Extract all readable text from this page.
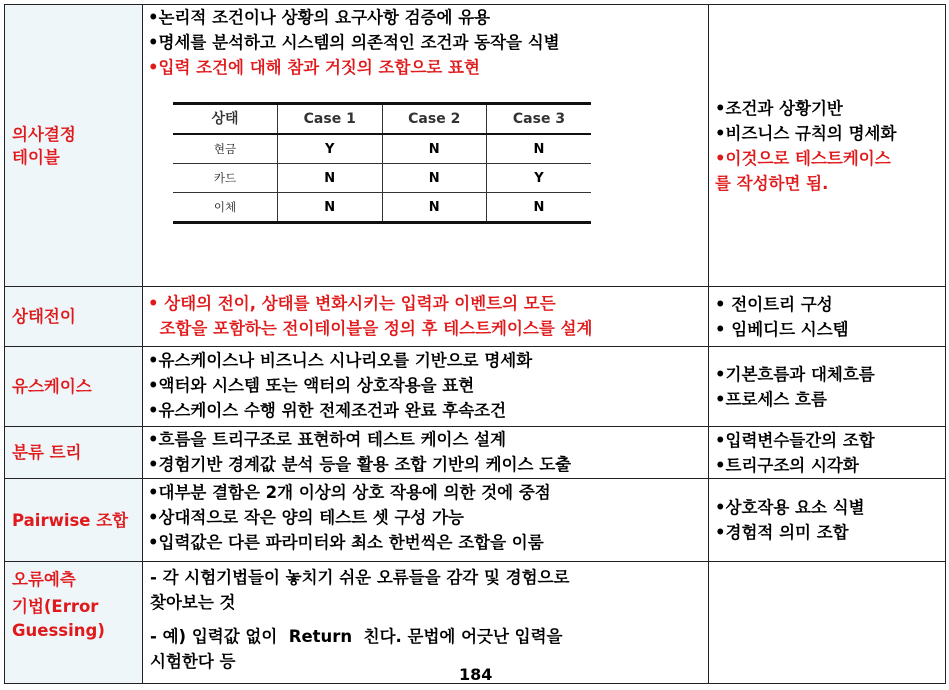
의사결정
테이블

•논리적 조건이나 상황의 요구사항 검증에 유용
•명세를 분석하고 시스템의 의존적인 조건과 동작을 식별
•입력 조건에 대해 참과 거짓의 조합으로 표현
상태	Case 1	Case 2	Case 3
현금	Y	N	N
카드	N	N	Y
이체	N	N	N

•조건과 상황기반
•비즈니스 규칙의 명세화
•이것으로 테스트케이스
를 작성하면 됨.

상태전이

• 상태의 전이, 상태를 변화시키는 입력과 이벤트의 모든
조합을 포함하는 전이테이블을 정의 후 테스트케이스를 설계

• 전이트리 구성
• 임베디드 시스템

유스케이스

•유스케이스나 비즈니스 시나리오를 기반으로 명세화
•액터와 시스템 또는 액터의 상호작용을 표현
•유스케이스 수행 위한 전제조건과 완료 후속조건

•기본흐름과 대체흐름
•프로세스 흐름

분류 트리

•흐름을 트리구조로 표현하여 테스트 케이스 설계
•경험기반 경계값 분석 등을 활용 조합 기반의 케이스 도출

•입력변수들간의 조합
•트리구조의 시각화

Pairwise 조합

•대부분 결함은 2개 이상의 상호 작용에 의한 것에 중점
•상대적으로 작은 양의 테스트 셋 구성 가능
•입력값은 다른 파라미터와 최소 한번씩은 조합을 이룸

•상호작용 요소 식별
•경험적 의미 조합

오류예측
기법(Error
Guessing)

- 각 시험기법들이 놓치기 쉬운 오류들을 감각 및 경험으로
찾아보는 것
- 예) 입력값 없이  Return  친다. 문법에 어긋난 입력을
시험한다 등

184
